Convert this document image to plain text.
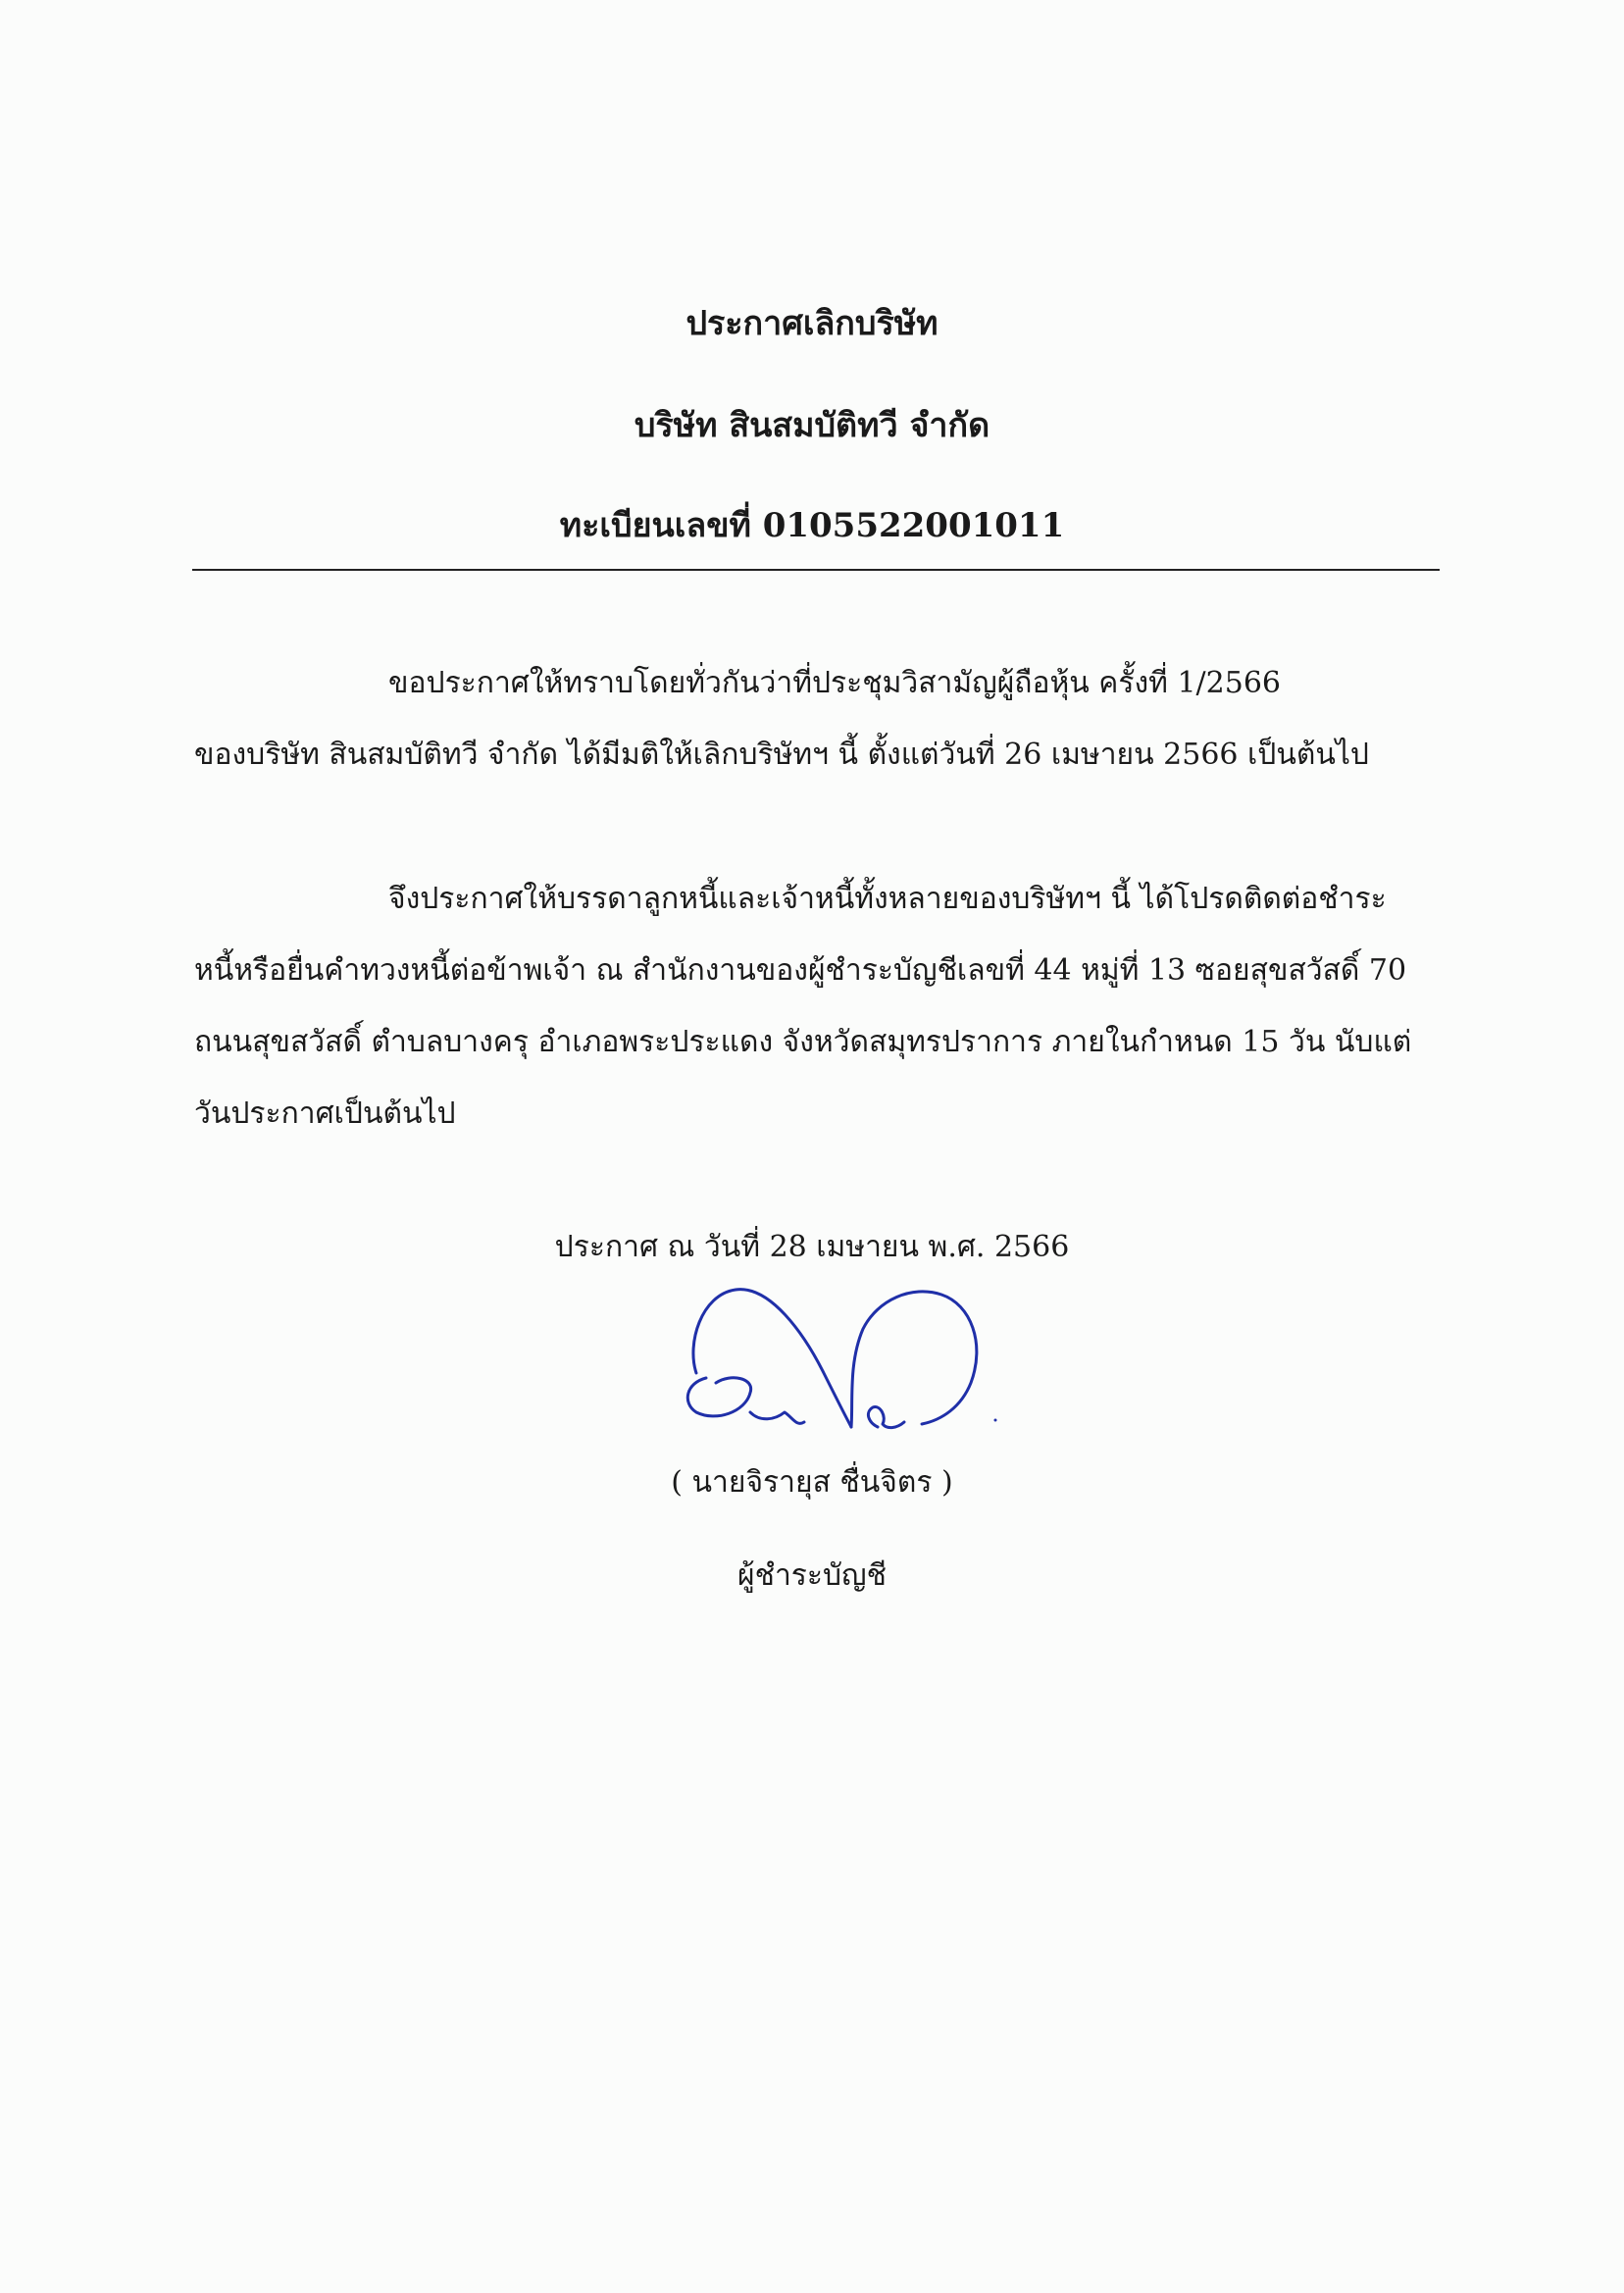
ประกาศเลิกบริษัท
บริษัท สินสมบัติทวี จำกัด
ทะเบียนเลขที่ 0105522001011
ขอประกาศให้ทราบโดยทั่วกันว่าที่ประชุมวิสามัญผู้ถือหุ้น ครั้งที่ 1/2566
ของบริษัท สินสมบัติทวี จำกัด ได้มีมติให้เลิกบริษัทฯ นี้ ตั้งแต่วันที่ 26 เมษายน 2566 เป็นต้นไป
จึงประกาศให้บรรดาลูกหนี้และเจ้าหนี้ทั้งหลายของบริษัทฯ นี้ ได้โปรดติดต่อชำระ
หนี้หรือยื่นคำทวงหนี้ต่อข้าพเจ้า ณ สำนักงานของผู้ชำระบัญชีเลขที่ 44 หมู่ที่ 13 ซอยสุขสวัสดิ์ 70
ถนนสุขสวัสดิ์ ตำบลบางครุ อำเภอพระประแดง จังหวัดสมุทรปราการ ภายในกำหนด 15 วัน นับแต่
วันประกาศเป็นต้นไป
ประกาศ ณ วันที่ 28 เมษายน พ.ศ. 2566
( นายจิรายุส ชื่นจิตร )
ผู้ชำระบัญชี
